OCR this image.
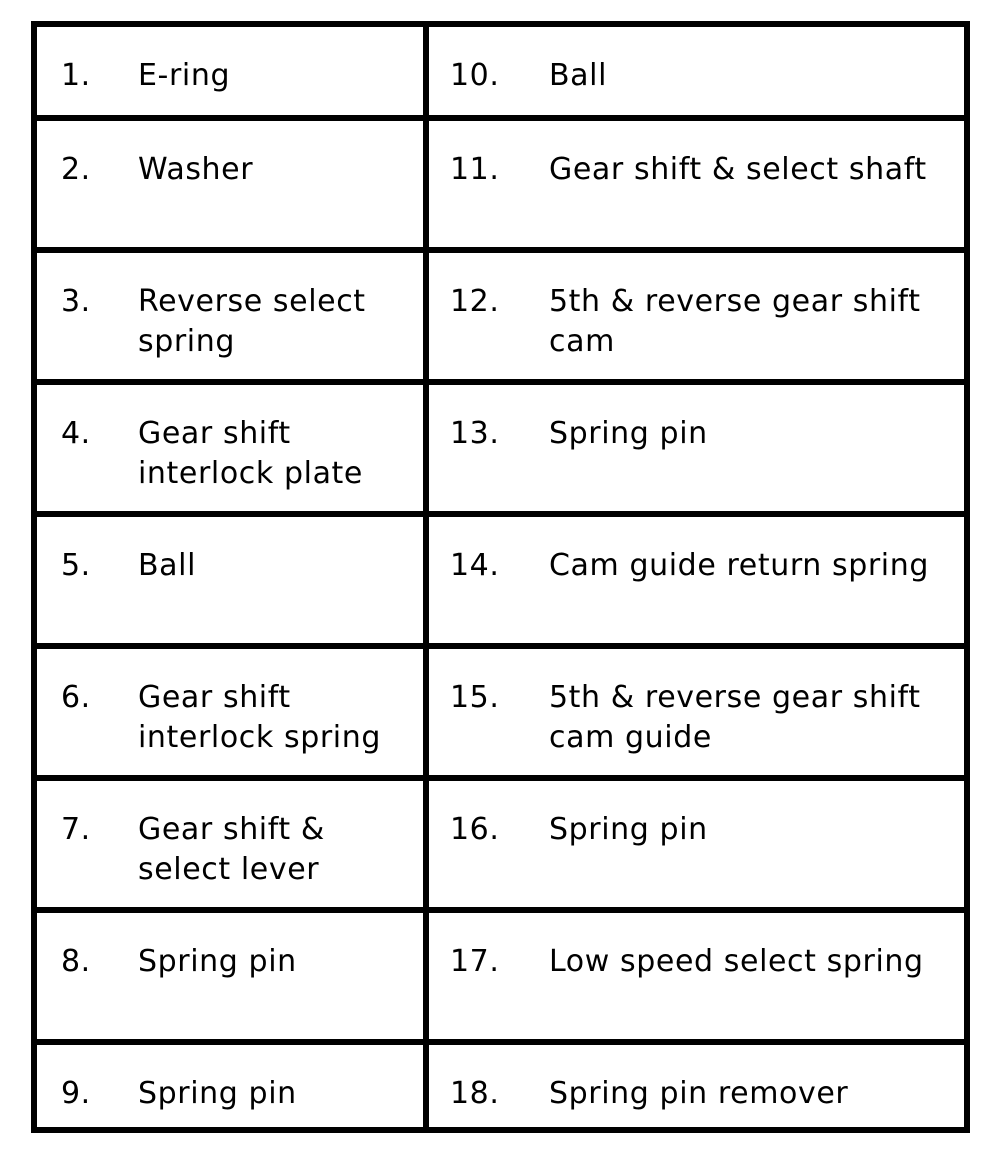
1. E-ring	10. Ball

2. Washer	11. Gear shift & select shaft

3. Reverse select spring	12. 5th & reverse gear shift cam

4. Gear shift interlock plate	13. Spring pin

5. Ball	14. Cam guide return spring

6. Gear shift interlock spring	15. 5th & reverse gear shift cam guide

7. Gear shift & select lever	16. Spring pin

8. Spring pin	17. Low speed select spring

9. Spring pin	18. Spring pin remover
